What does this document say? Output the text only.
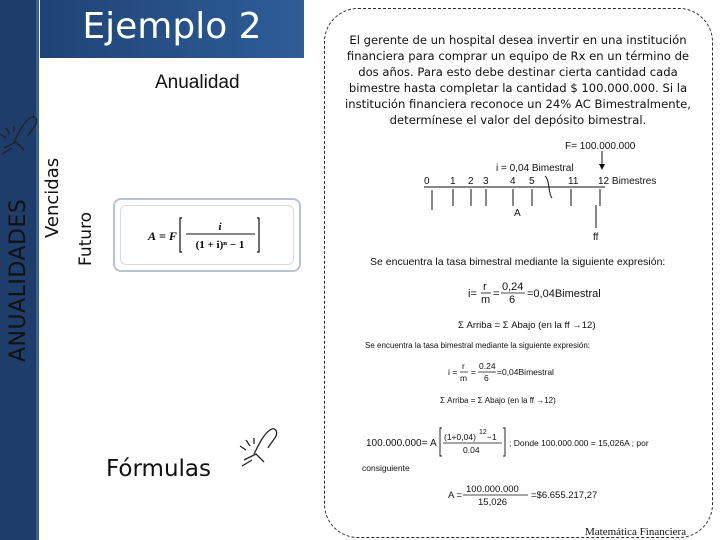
Ejemplo 2
Anualidad
ANUALIDADES
Vencidas
Futuro	A = F
i
(1 + i)ⁿ − 1
Fórmulas
El gerente de un hospital desea invertir en una institución financiera para comprar un equipo de Rx en un término de dos años. Para esto debe destinar cierta cantidad cada bimestre hasta completar la cantidad $ 100.000.000. Si la institución financiera reconoce un 24% AC Bimestralmente, determínese el valor del depósito bimestral.
F= 100.000.000
i = 0,04 Bimestral
0 1 2 3 4 5	11 12 Bimestres
A
ff
Se encuentra la tasa bimestral mediante la siguiente expresión:
i=
r
m =
0,24
6 =0,04Bimestral
Σ Arriba = Σ Abajo (en la ff →12)
Se encuentra la tasa bimestral mediante la siguiente expresión:
i =
r
m
=
0.24
6
=0,04Bimestral
Σ Arriba = Σ Abajo (en la ff →12)
100.000.000= A
(1+0,04) 12 −1
0.04
; Donde 100.000.000 = 15,026A ; por
consiguiente
A =
100.000.000
15,026
=$6.655.217,27
Matemática Financiera
